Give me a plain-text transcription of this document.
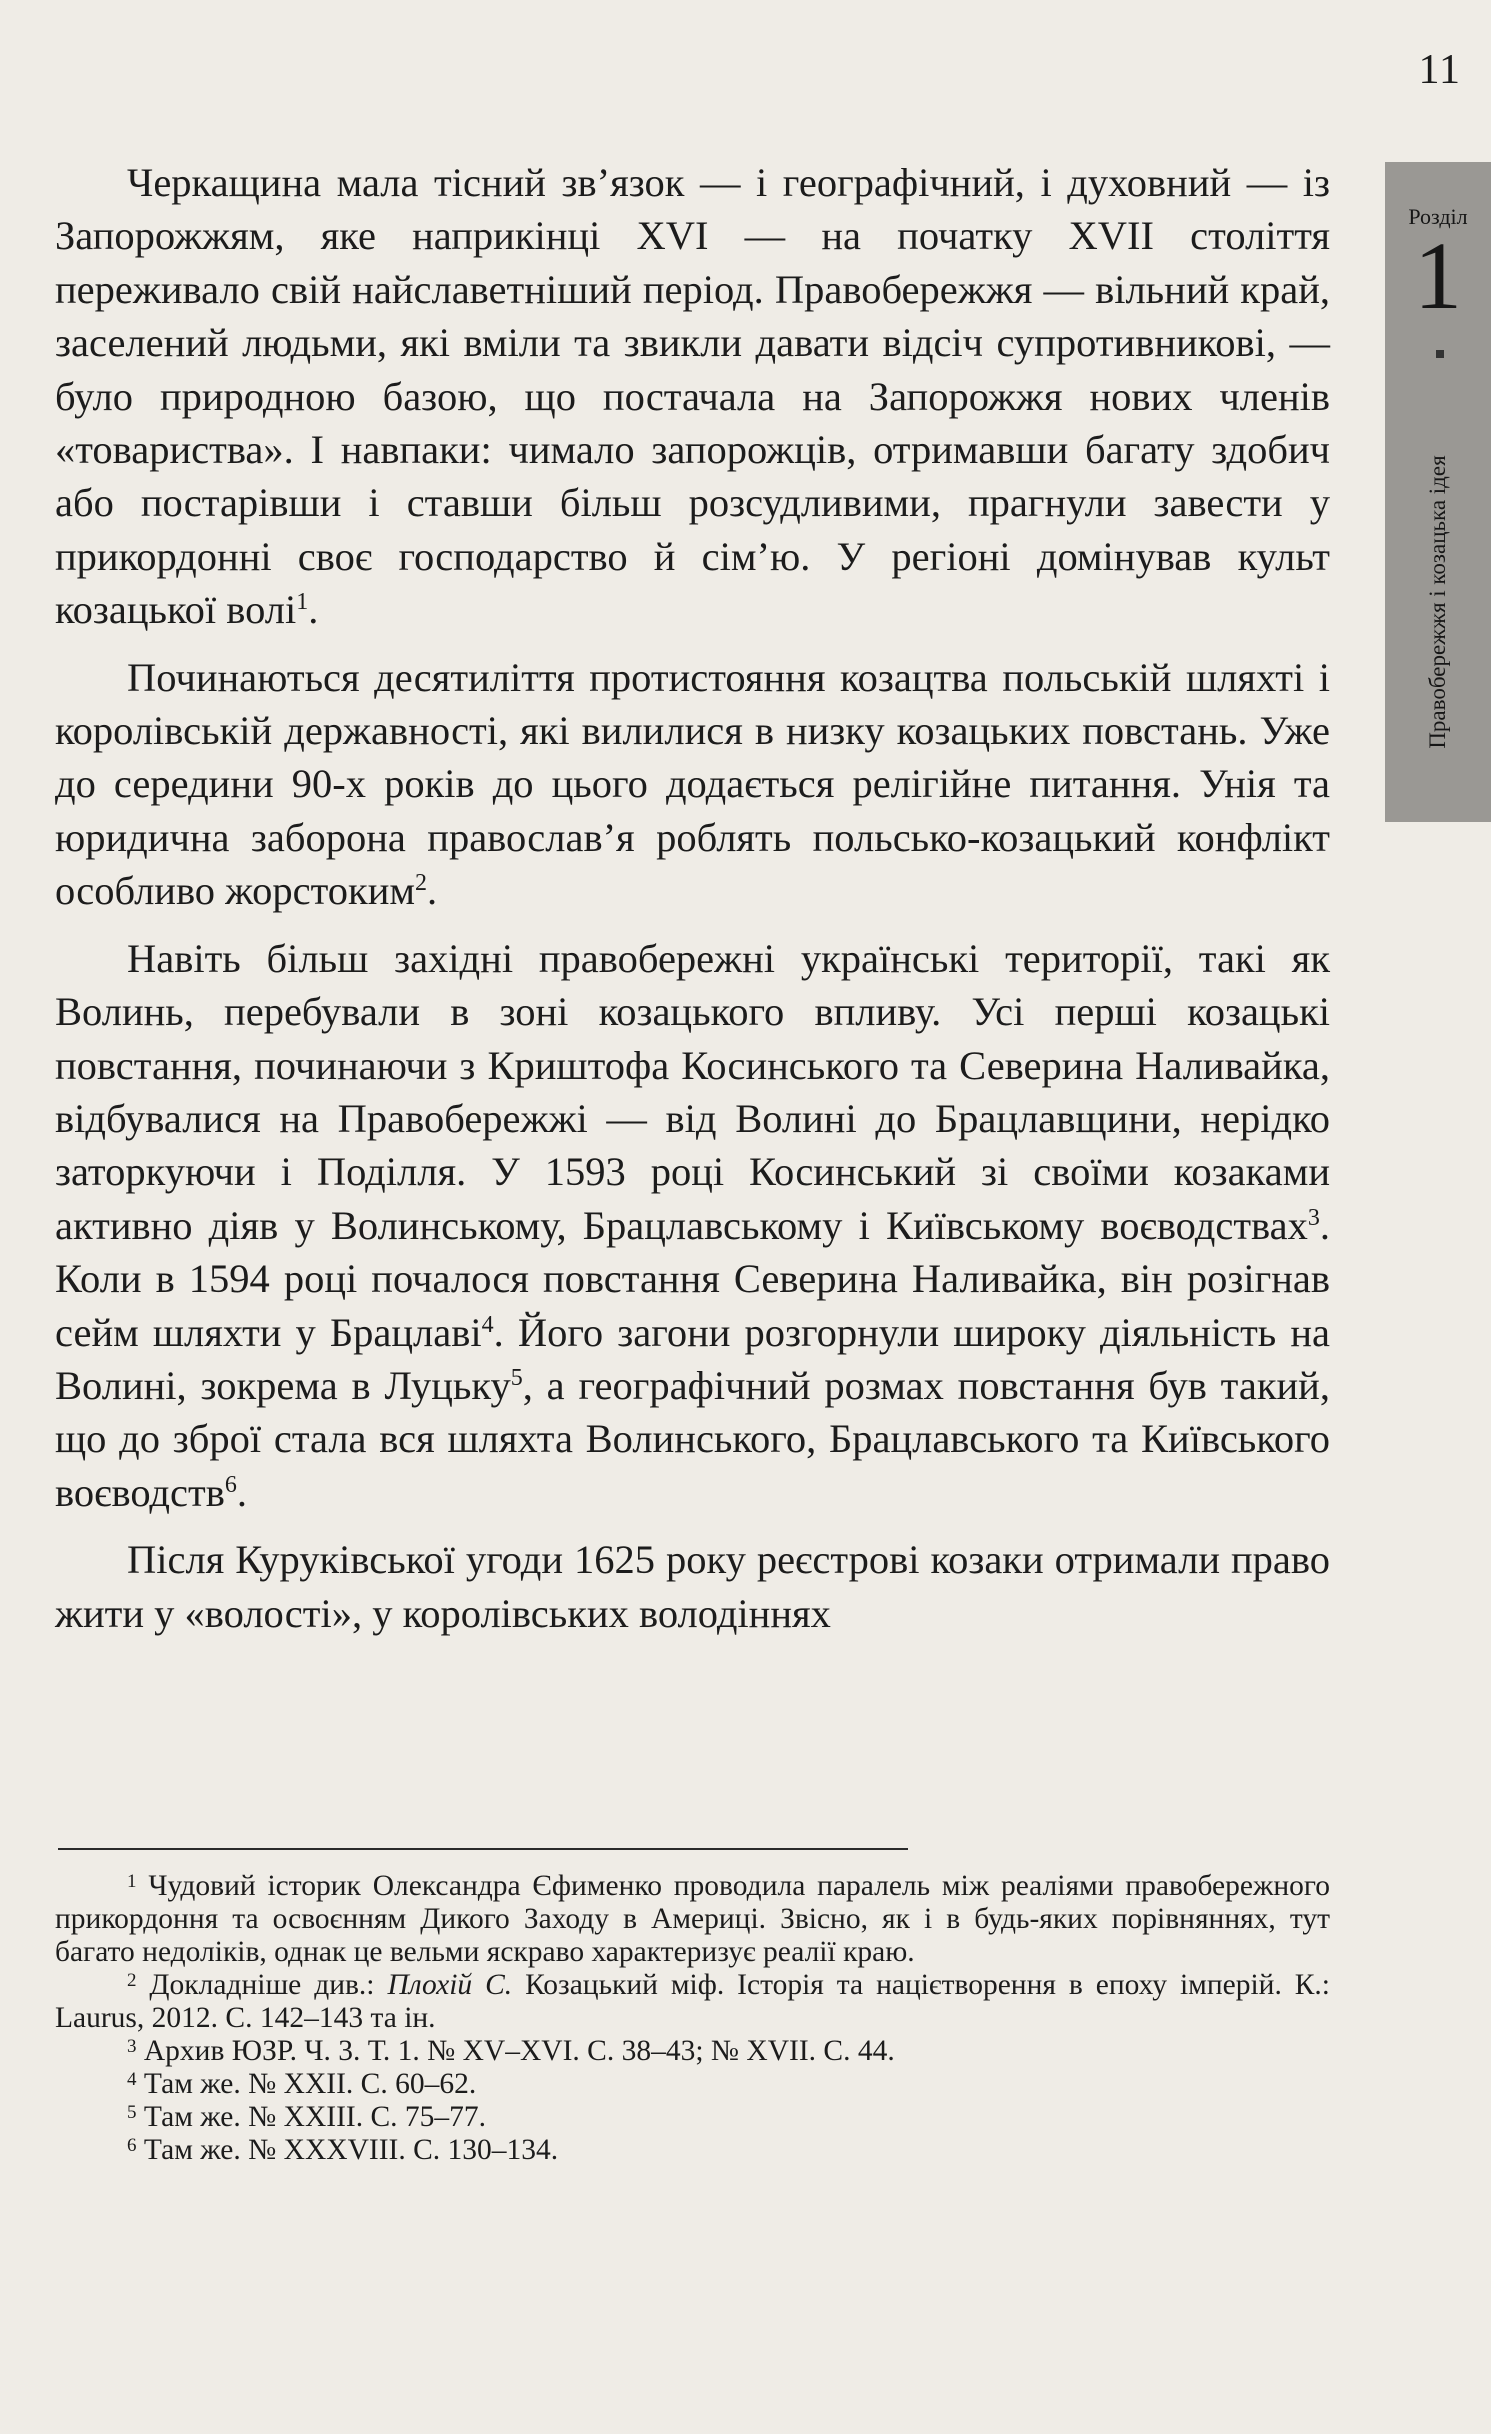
11
Розділ
1
Правобережжя і козацька ідея

Черкащина мала тісний зв’язок — і географічний, і духовний — із Запорожжям, яке наприкінці XVI — на початку XVII століття переживало свій найславетніший період. Правобережжя — вільний край, заселений людьми, які вміли та звикли давати відсіч супротивникові, — було природною базою, що постачала на Запорожжя нових членів «товариства». І навпаки: чимало запорожців, отримавши багату здобич або постарівши і ставши більш розсудливими, прагнули завести у прикордонні своє господарство й сім’ю. У регіоні домінував культ козацької волі$^1$.

Починаються десятиліття протистояння козацтва польській шляхті і королівській державності, які вилилися в низку козацьких повстань. Уже до середини 90-х років до цього додається релігійне питання. Унія та юридична заборона православ’я роблять польсько-козацький конфлікт особливо жорстоким$^2$.

Навіть більш західні правобережні українські території, такі як Волинь, перебували в зоні козацького впливу. Усі перші козацькі повстання, починаючи з Криштофа Косинського та Северина Наливайка, відбувалися на Правобережжі — від Волині до Брацлавщини, нерідко заторкуючи і Поділля. У 1593 році Косинський зі своїми козаками активно діяв у Волинському, Брацлавському і Київському воєводствах$^3$. Коли в 1594 році почалося повстання Северина Наливайка, він розігнав сейм шляхти у Брацлаві$^4$. Його загони розгорнули широку діяльність на Волині, зокрема в Луцьку$^5$, а географічний розмах повстання був такий, що до зброї стала вся шляхта Волинського, Брацлавського та Київського воєводств$^6$.

Після Куруківської угоди 1625 року реєстрові козаки отримали право жити у «волості», у королівських володіннях

$^1$ Чудовий історик Олександра Єфименко проводила паралель між реаліями правобережного прикордоння та освоєнням Дикого Заходу в Америці. Звісно, як і в будь-яких порівняннях, тут багато недоліків, однак це вельми яскраво характеризує реалії краю.

$^2$ Докладніше див.: Плохій С. Козацький міф. Історія та націєтворення в епоху імперій. К.: Laurus, 2012. С. 142–143 та ін.

$^3$ Архив ЮЗР. Ч. 3. Т. 1. № XV–XVI. С. 38–43; № XVII. С. 44.

$^4$ Там же. № XXII. С. 60–62.

$^5$ Там же. № XXIII. С. 75–77.

$^6$ Там же. № XXXVIII. С. 130–134.
